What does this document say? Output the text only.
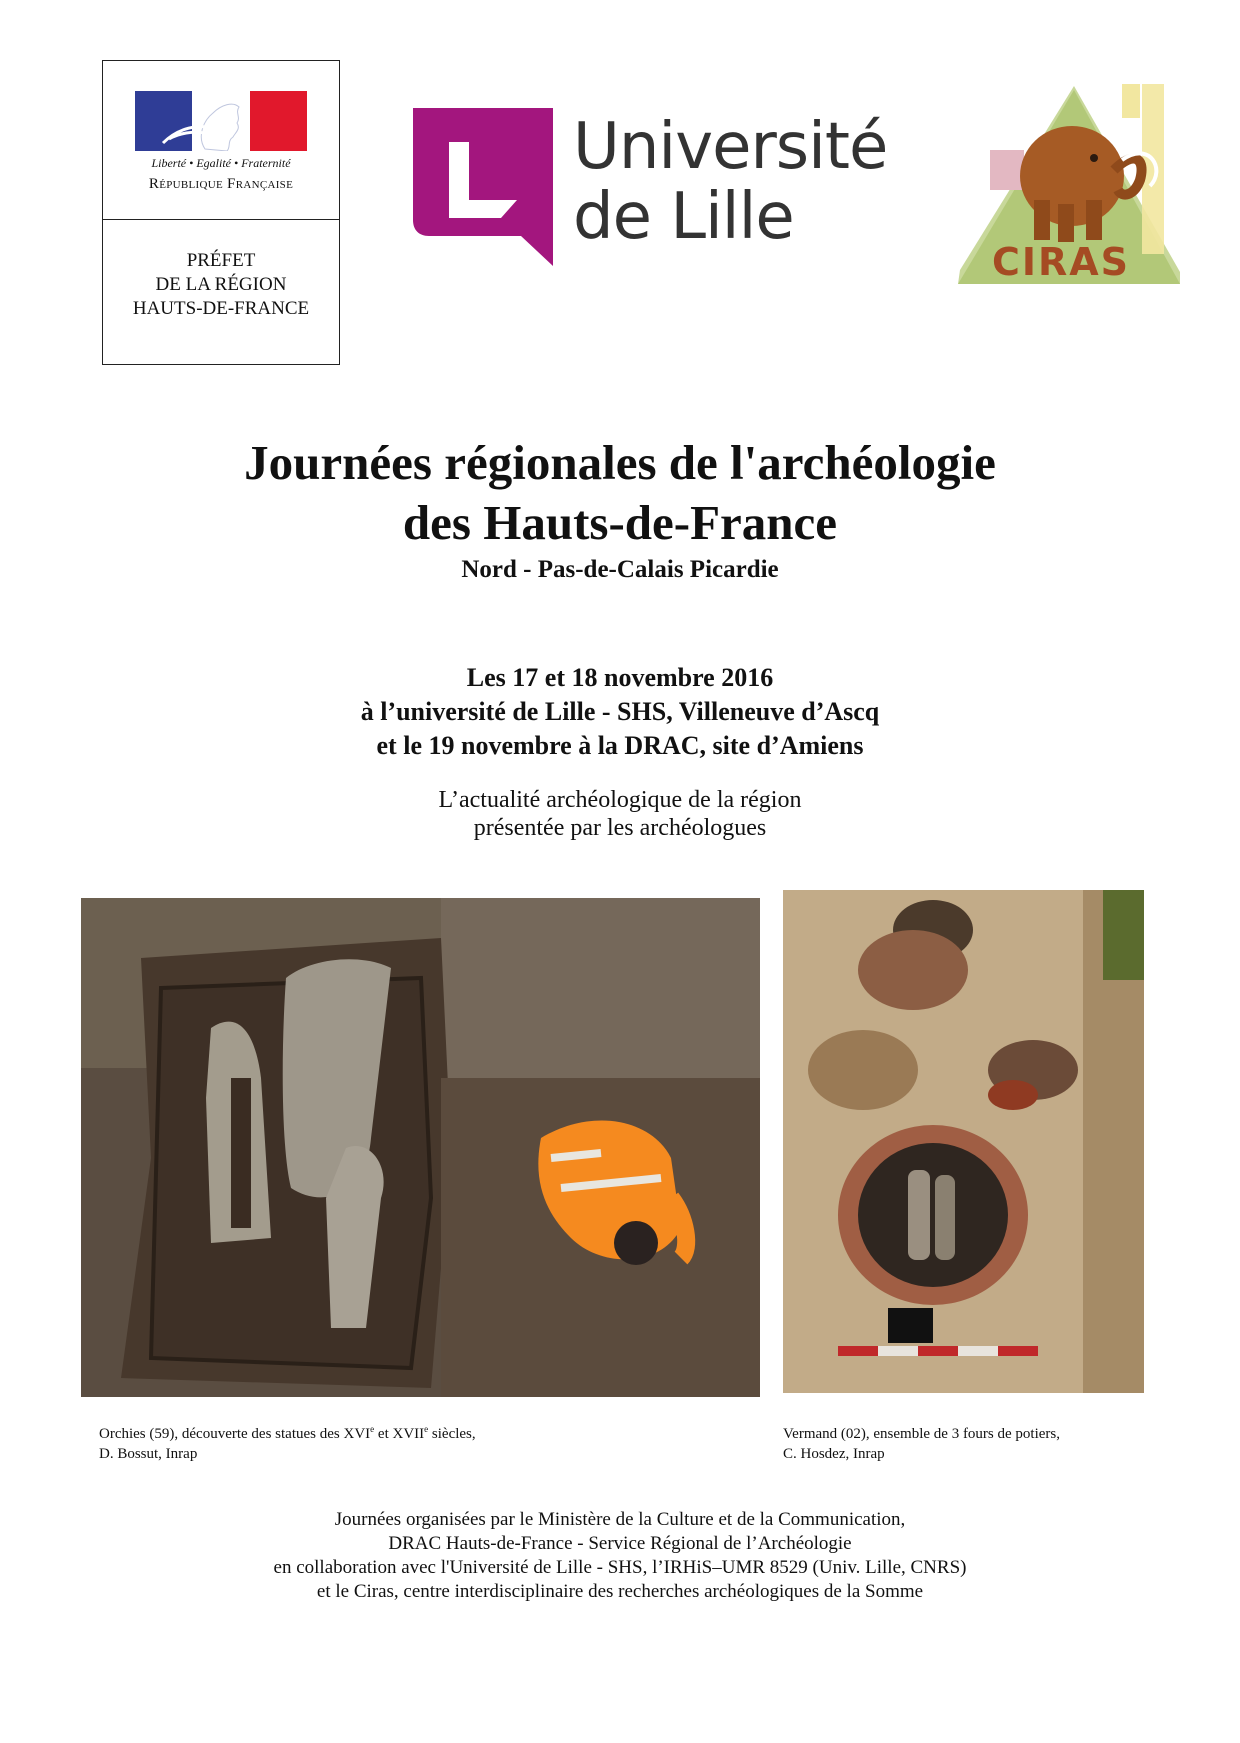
Liberté • Egalité • Fraternité
République Française
PRÉFET
DE LA RÉGION
HAUTS-DE-FRANCE
Université
de Lille
CIRAS
Journées régionales de l'archéologie
des Hauts-de-France
Nord - Pas-de-Calais Picardie
Les 17 et 18 novembre 2016
à l’université de Lille - SHS, Villeneuve d’Ascq
et le 19 novembre à la DRAC, site d’Amiens
L’actualité archéologique de la région
présentée par les archéologues
Orchies (59), découverte des statues des XVIe et XVIIe siècles,
D. Bossut, Inrap
Vermand (02), ensemble de 3 fours de potiers,
C. Hosdez, Inrap
Journées organisées par le Ministère de la Culture et de la Communication,
DRAC Hauts-de-France - Service Régional de l’Archéologie
en collaboration avec l'Université de Lille - SHS, l’IRHiS–UMR 8529 (Univ. Lille, CNRS)
et le Ciras, centre interdisciplinaire des recherches archéologiques de la Somme
